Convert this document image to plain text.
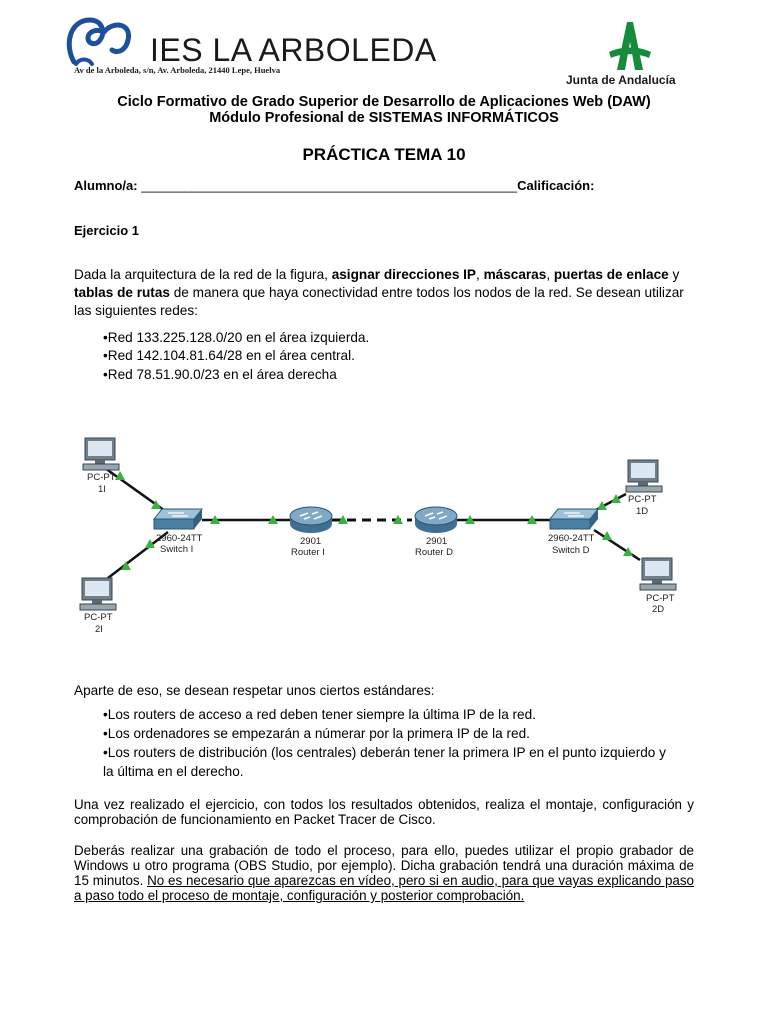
IES LA ARBOLEDA
Av de la Arboleda, s/n, Av. Arboleda, 21440 Lepe, Huelva
Junta de Andalucía
Ciclo Formativo de Grado Superior de Desarrollo de Aplicaciones Web (DAW)
Módulo Profesional de SISTEMAS INFORMÁTICOS
PRÁCTICA TEMA 10
Alumno/a: ____________________________________________________Calificación:
Ejercicio 1
Dada la arquitectura de la red de la figura, asignar direcciones IP, máscaras, puertas de enlace y tablas de rutas de manera que haya conectividad entre todos los nodos de la red. Se desean utilizar las siguientes redes:
•Red 133.225.128.0/20 en el área izquierda.
•Red 142.104.81.64/28 en el área central.
•Red 78.51.90.0/23 en el área derecha
PC-PT
1I
PC-PT
2I
2960-24TT
Switch I
2901
Router I
2901
Router D
2960-24TT
Switch D
PC-PT
1D
PC-PT
2D
Aparte de eso, se desean respetar unos ciertos estándares:
•Los routers de acceso a red deben tener siempre la última IP de la red.
•Los ordenadores se empezarán a númerar por la primera IP de la red.
•Los routers de distribución (los centrales) deberán tener la primera IP en el punto izquierdo y
la última en el derecho.
Una vez realizado el ejercicio, con todos los resultados obtenidos, realiza el montaje, configuración y comprobación de funcionamiento en Packet Tracer de Cisco.
Deberás realizar una grabación de todo el proceso, para ello, puedes utilizar el propio grabador de Windows u otro programa (OBS Studio, por ejemplo). Dicha grabación tendrá una duración máxima de 15 minutos. No es necesario que aparezcas en vídeo, pero si en audio, para que vayas explicando paso a paso todo el proceso de montaje, configuración y posterior comprobación.
